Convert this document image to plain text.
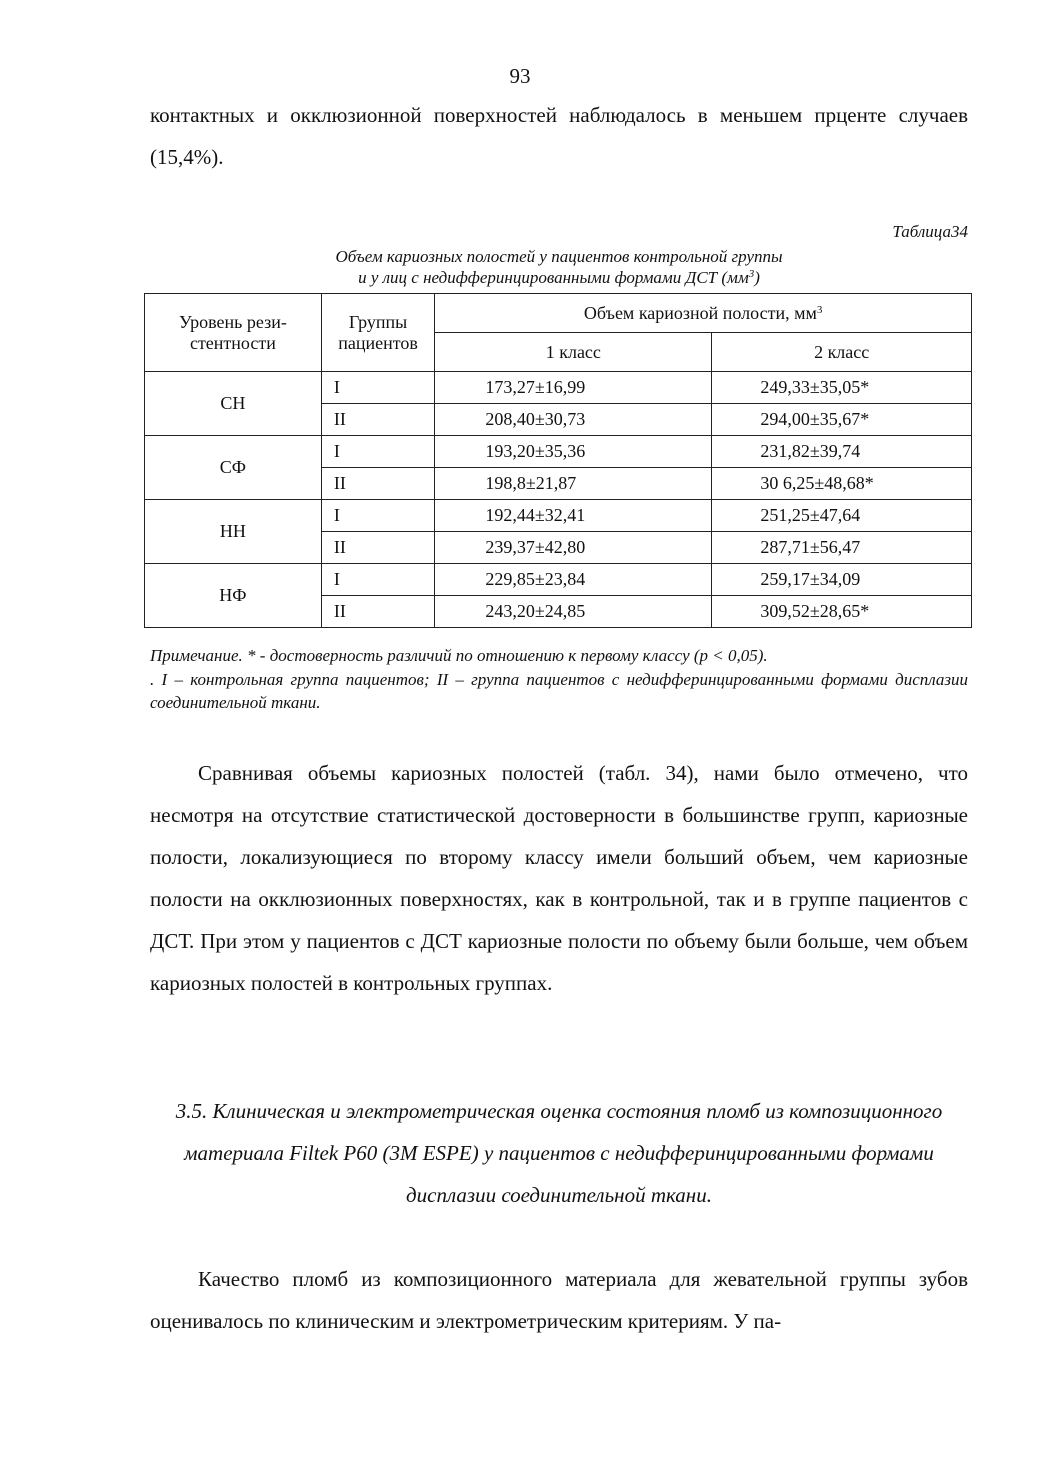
93

контактных и окклюзионной поверхностей наблюдалось в меньшем прценте случаев (15,4%).

Таблица34
Объем кариозных полостей у пациентов контрольной группы
и у лиц с недифферинцированными формами ДСТ $(мм^3)$
Уровень рези-стентности	Группы пациентов	Объем кариозной полости, $мм^3$
		1 класс	2 класс
СН	I	173,27±16,99	249,33±35,05*
	II	208,40±30,73	294,00±35,67*
СФ	I	193,20±35,36	231,82±39,74
	II	198,8±21,87	30 6,25±48,68*
НН	I	192,44±32,41	251,25±47,64
	II	239,37±42,80	287,71±56,47
НФ	I	229,85±23,84	259,17±34,09
	II	243,20±24,85	309,52±28,65*

Примечание. * - достоверность различий по отношению к первому классу (р < 0,05).

. I – контрольная группа пациентов; II – группа пациентов с недифферинцированными формами дисплазии соединительной ткани.

Сравнивая объемы кариозных полостей (табл. 34), нами было отмечено, что несмотря на отсутствие статистической достоверности в большинстве групп, кариозные полости, локализующиеся по второму классу имели больший объем, чем кариозные полости на окклюзионных поверхностях, как в контрольной, так и в группе пациентов с ДСТ. При этом у пациентов с ДСТ кариозные полости по объему были больше, чем объем кариозных полостей в контрольных группах.

3.5. Клиническая и электрометрическая оценка состояния пломб из композиционного материала Filtek P60 (3M ESPE) у пациентов с недифферинцированными формами дисплазии соединительной ткани.

Качество пломб из композиционного материала для жевательной группы зубов оценивалось по клиническим и электрометрическим критериям. У па-
